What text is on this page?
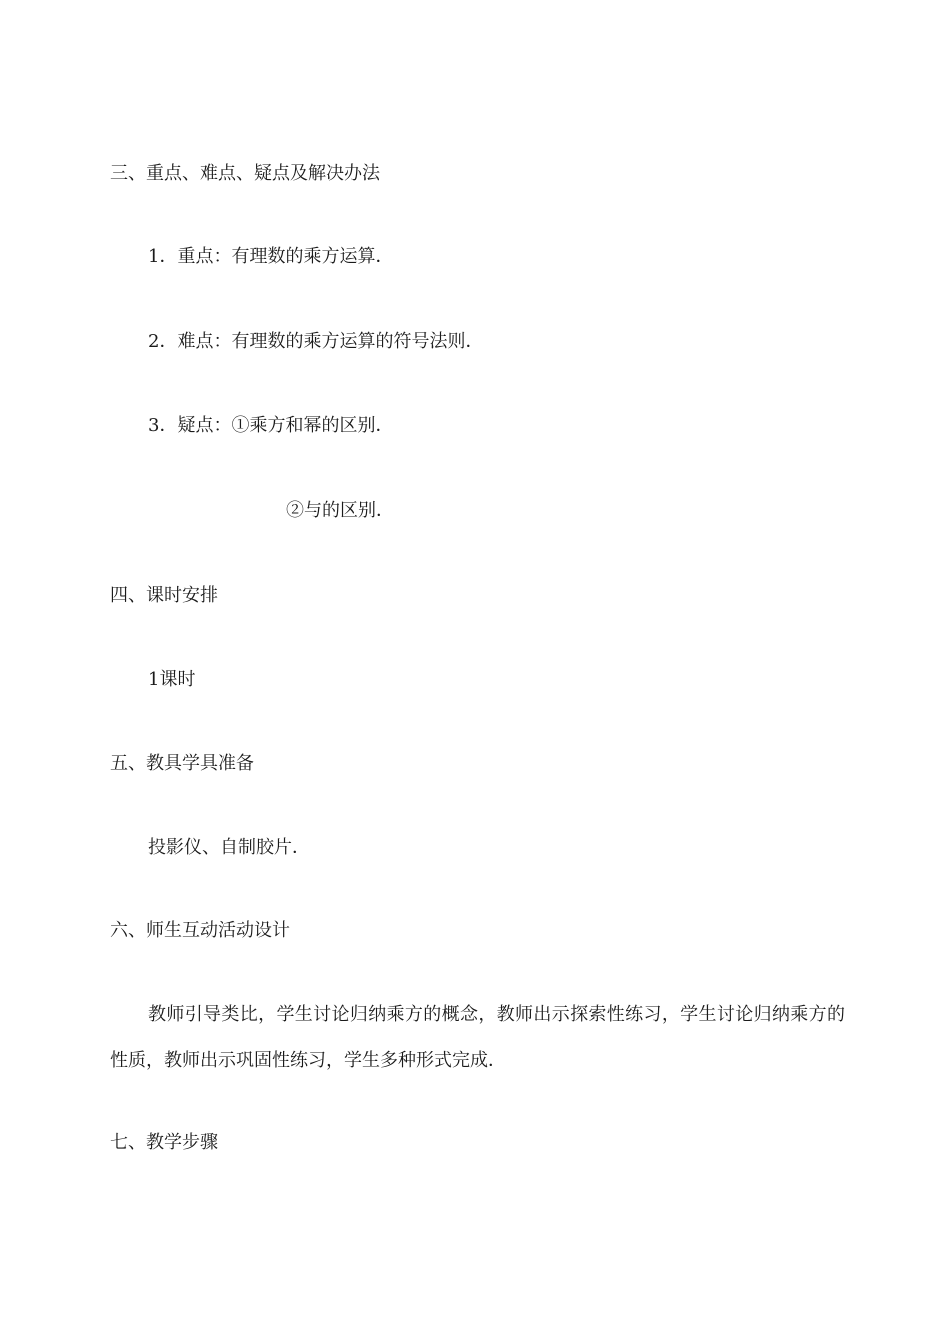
三、重点、难点、疑点及解决办法
1．重点：有理数的乘方运算．
2．难点：有理数的乘方运算的符号法则．
3．疑点：①乘方和幂的区别．
②与的区别．
四、课时安排
1课时
五、教具学具准备
投影仪、自制胶片．
六、师生互动活动设计
教师引导类比，学生讨论归纳乘方的概念，教师出示探索性练习，学生讨论归纳乘方的性质，教师出示巩固性练习，学生多种形式完成．
七、教学步骤
